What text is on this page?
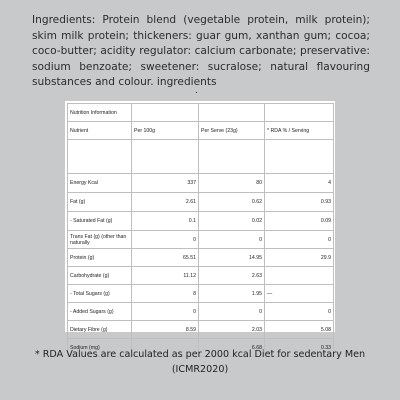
Ingredients: Protein blend (vegetable protein, milk protein); skim milk protein; thickeners: guar gum, xanthan gum; cocoa; coco-butter; acidity regulator: calcium carbonate; preservative: sodium benzoate; sweetener: sucralose; natural flavouring substances and colour. ingredients
.
Nutrition Information			
Nutrient	Per 100g	Per Serve (23g)	* RDA % / Serving

Energy Kcal	337	80	4
Fat (g)	2.61	0.62	0.93
- Saturated Fat (g)	0.1	0.02	0.09
Trans Fat (g) (other than naturally	0	0	0
Protein (g)	65.51	14.95	29.9
Carbohydrate (g)	11.12	2.63	
- Total Sugars (g)	8	1.95	—
- Added Sugars (g)	0	0	0
Dietary Fibre (g)	8.59	2.03	5.08
Sodium (mg)		6.68	0.33
* RDA Values are calculated as per 2000 kcal Diet for sedentary Men (ICMR2020)
